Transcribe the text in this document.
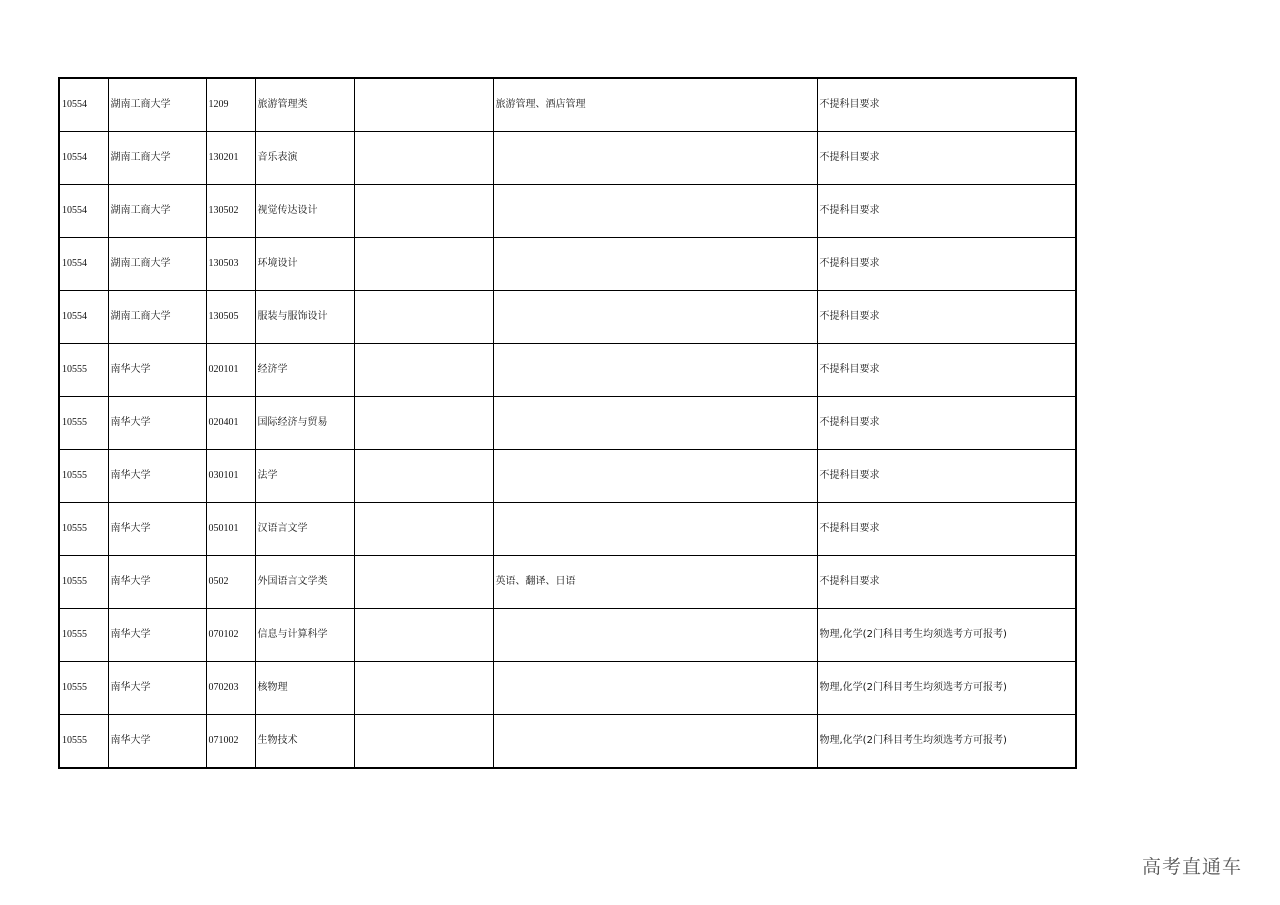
10554	湖南工商大学	1209	旅游管理类		旅游管理、酒店管理	不提科目要求
10554	湖南工商大学	130201	音乐表演			不提科目要求
10554	湖南工商大学	130502	视觉传达设计			不提科目要求
10554	湖南工商大学	130503	环境设计			不提科目要求
10554	湖南工商大学	130505	服装与服饰设计			不提科目要求
10555	南华大学	020101	经济学			不提科目要求
10555	南华大学	020401	国际经济与贸易			不提科目要求
10555	南华大学	030101	法学			不提科目要求
10555	南华大学	050101	汉语言文学			不提科目要求
10555	南华大学	0502	外国语言文学类		英语、翻译、日语	不提科目要求
10555	南华大学	070102	信息与计算科学			物理,化学(2门科目考生均须选考方可报考)
10555	南华大学	070203	核物理			物理,化学(2门科目考生均须选考方可报考)
10555	南华大学	071002	生物技术			物理,化学(2门科目考生均须选考方可报考)
高考直通车
